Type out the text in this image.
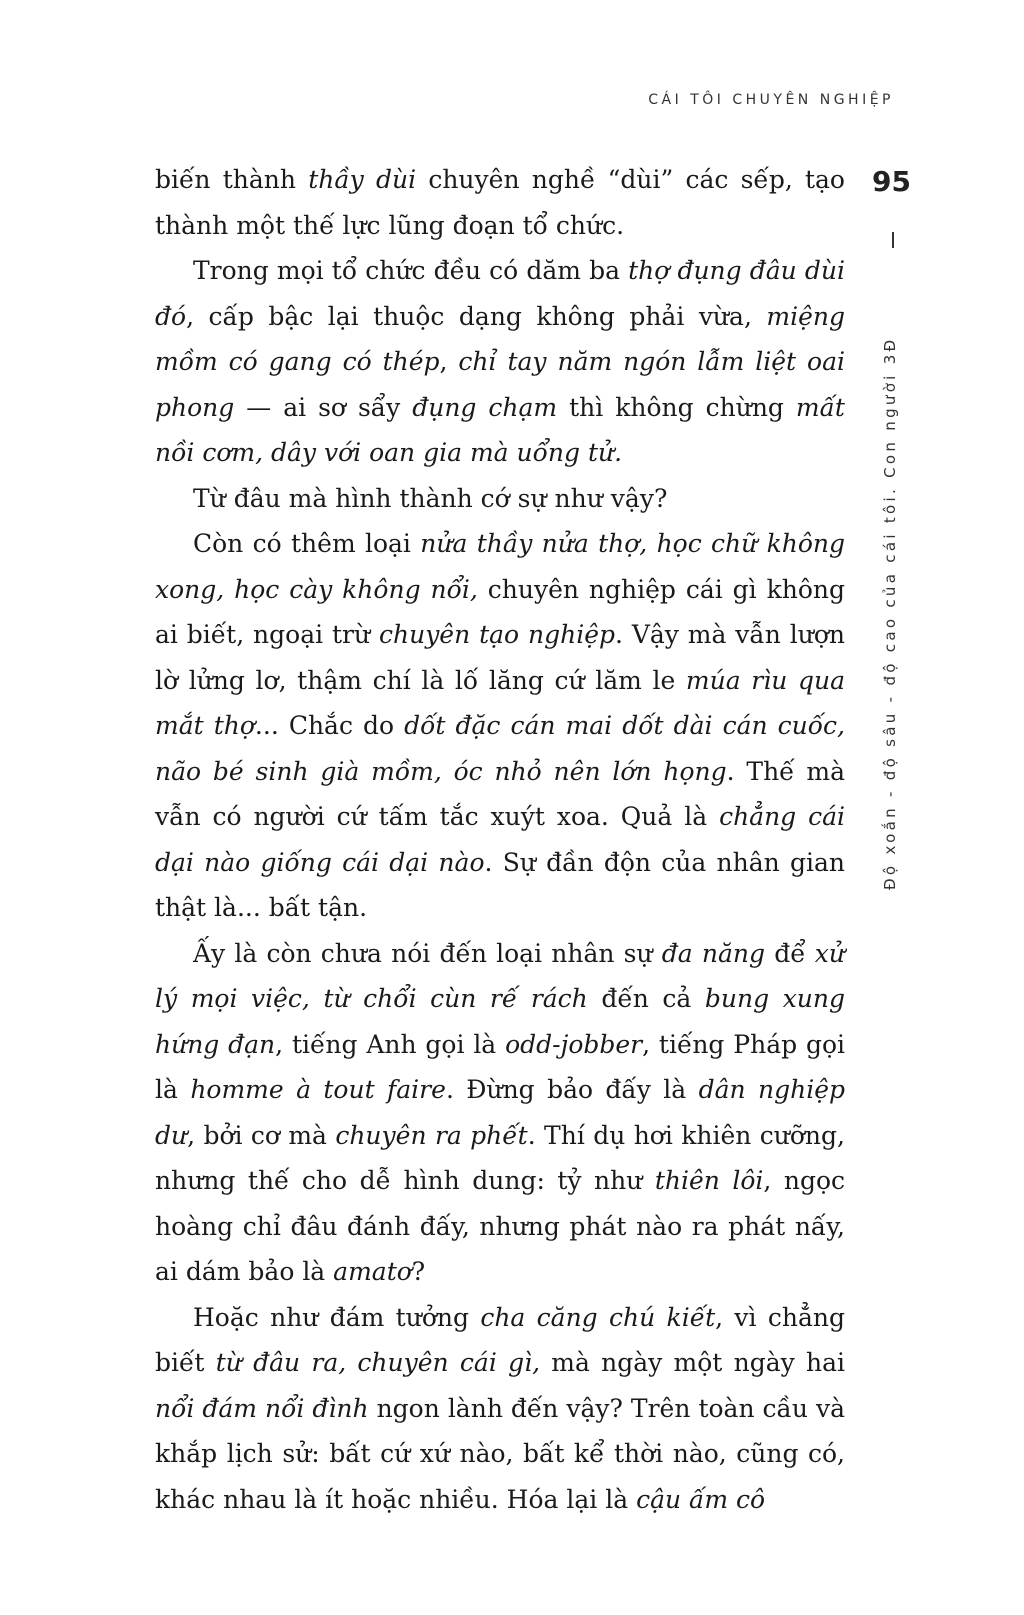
CÁI TÔI CHUYÊN NGHIỆP
95
Độ xoắn - độ sâu - độ cao của cái tôi. Con người 3Đ

biến thành thầy dùi chuyên nghề “dùi” các sếp, tạo thành một thế lực lũng đoạn tổ chức.

Trong mọi tổ chức đều có dăm ba thợ đụng đâu dùi đó, cấp bậc lại thuộc dạng không phải vừa, miệng mồm có gang có thép, chỉ tay năm ngón lẫm liệt oai phong — ai sơ sẩy đụng chạm thì không chừng mất nồi cơm, dây với oan gia mà uổng tử.

Từ đâu mà hình thành cớ sự như vậy?

Còn có thêm loại nửa thầy nửa thợ, học chữ không xong, học cày không nổi, chuyên nghiệp cái gì không ai biết, ngoại trừ chuyên tạo nghiệp. Vậy mà vẫn lượn lờ lửng lơ, thậm chí là lố lăng cứ lăm le múa rìu qua mắt thợ... Chắc do dốt đặc cán mai dốt dài cán cuốc, não bé sinh già mồm, óc nhỏ nên lớn họng. Thế mà vẫn có người cứ tấm tắc xuýt xoa. Quả là chẳng cái dại nào giống cái dại nào. Sự đần độn của nhân gian thật là... bất tận.

Ấy là còn chưa nói đến loại nhân sự đa năng để xử lý mọi việc, từ chổi cùn rế rách đến cả bung xung hứng đạn, tiếng Anh gọi là odd-jobber, tiếng Pháp gọi là homme à tout faire. Đừng bảo đấy là dân nghiệp dư, bởi cơ mà chuyên ra phết. Thí dụ hơi khiên cưỡng, nhưng thế cho dễ hình dung: tỷ như thiên lôi, ngọc hoàng chỉ đâu đánh đấy, nhưng phát nào ra phát nấy, ai dám bảo là amatơ?

Hoặc như đám tưởng cha căng chú kiết, vì chẳng biết từ đâu ra, chuyên cái gì, mà ngày một ngày hai nổi đám nổi đình ngon lành đến vậy? Trên toàn cầu và khắp lịch sử: bất cứ xứ nào, bất kể thời nào, cũng có, khác nhau là ít hoặc nhiều. Hóa lại là cậu ấm cô
